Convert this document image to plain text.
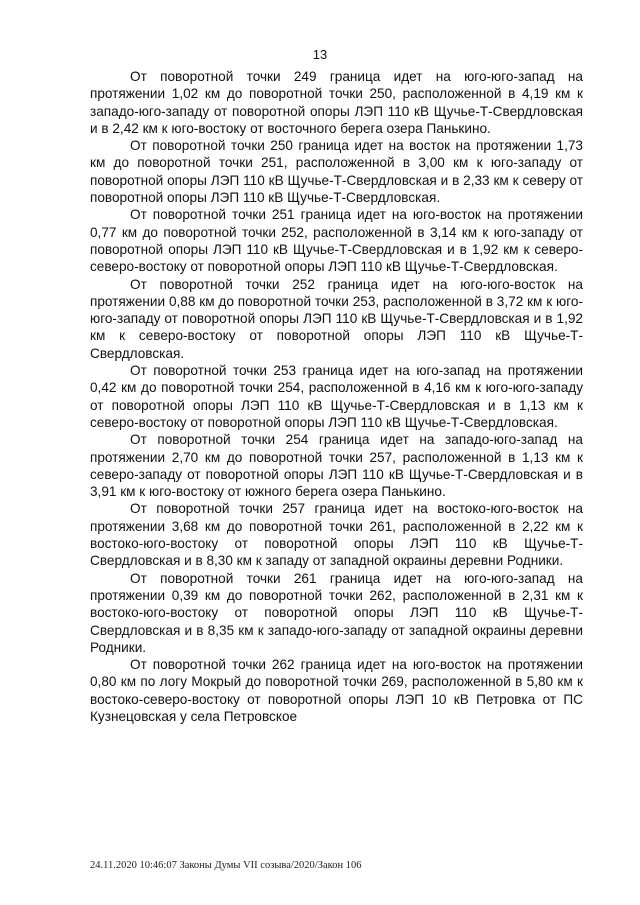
13

От поворотной точки 249 граница идет на юго-юго-запад на протяжении 1,02 км до поворотной точки 250, расположенной в 4,19 км к западо-юго-западу от поворотной опоры ЛЭП 110 кВ Щучье-Т-Свердловская и в 2,42 км к юго-востоку от восточного берега озера Панькино.

От поворотной точки 250 граница идет на восток на протяжении 1,73 км до поворотной точки 251, расположенной в 3,00 км к юго-западу от поворотной опоры ЛЭП 110 кВ Щучье-Т-Свердловская и в 2,33 км к северу от поворотной опоры ЛЭП 110 кВ Щучье-Т-Свердловская.

От поворотной точки 251 граница идет на юго-восток на протяжении 0,77 км до поворотной точки 252, расположенной в 3,14 км к юго-западу от поворотной опоры ЛЭП 110 кВ Щучье-Т-Свердловская и в 1,92 км к северо-северо-востоку от поворотной опоры ЛЭП 110 кВ Щучье-Т-Свердловская.

От поворотной точки 252 граница идет на юго-юго-восток на протяжении 0,88 км до поворотной точки 253, расположенной в 3,72 км к юго-юго-западу от поворотной опоры ЛЭП 110 кВ Щучье-Т-Свердловская и в 1,92 км к северо-востоку от поворотной опоры ЛЭП 110 кВ Щучье-Т-Свердловская.

От поворотной точки 253 граница идет на юго-запад на протяжении 0,42 км до поворотной точки 254, расположенной в 4,16 км к юго-юго-западу от поворотной опоры ЛЭП 110 кВ Щучье-Т-Свердловская и в 1,13 км к северо-востоку от поворотной опоры ЛЭП 110 кВ Щучье-Т-Свердловская.

От поворотной точки 254 граница идет на западо-юго-запад на протяжении 2,70 км до поворотной точки 257, расположенной в 1,13 км к северо-западу от поворотной опоры ЛЭП 110 кВ Щучье-Т-Свердловская и в 3,91 км к юго-востоку от южного берега озера Панькино.

От поворотной точки 257 граница идет на востоко-юго-восток на протяжении 3,68 км до поворотной точки 261, расположенной в 2,22 км к востоко-юго-востоку от поворотной опоры ЛЭП 110 кВ Щучье-Т-Свердловская и в 8,30 км к западу от западной окраины деревни Родники.

От поворотной точки 261 граница идет на юго-юго-запад на протяжении 0,39 км до поворотной точки 262, расположенной в 2,31 км к востоко-юго-востоку от поворотной опоры ЛЭП 110 кВ Щучье-Т-Свердловская и в 8,35 км к западо-юго-западу от западной окраины деревни Родники.

От поворотной точки 262 граница идет на юго-восток на протяжении 0,80 км по логу Мокрый до поворотной точки 269, расположенной в 5,80 км к востоко-северо-востоку от поворотной опоры ЛЭП 10 кВ Петровка от ПС Кузнецовская у села Петровское

24.11.2020 10:46:07 Законы Думы VII созыва/2020/Закон 106
